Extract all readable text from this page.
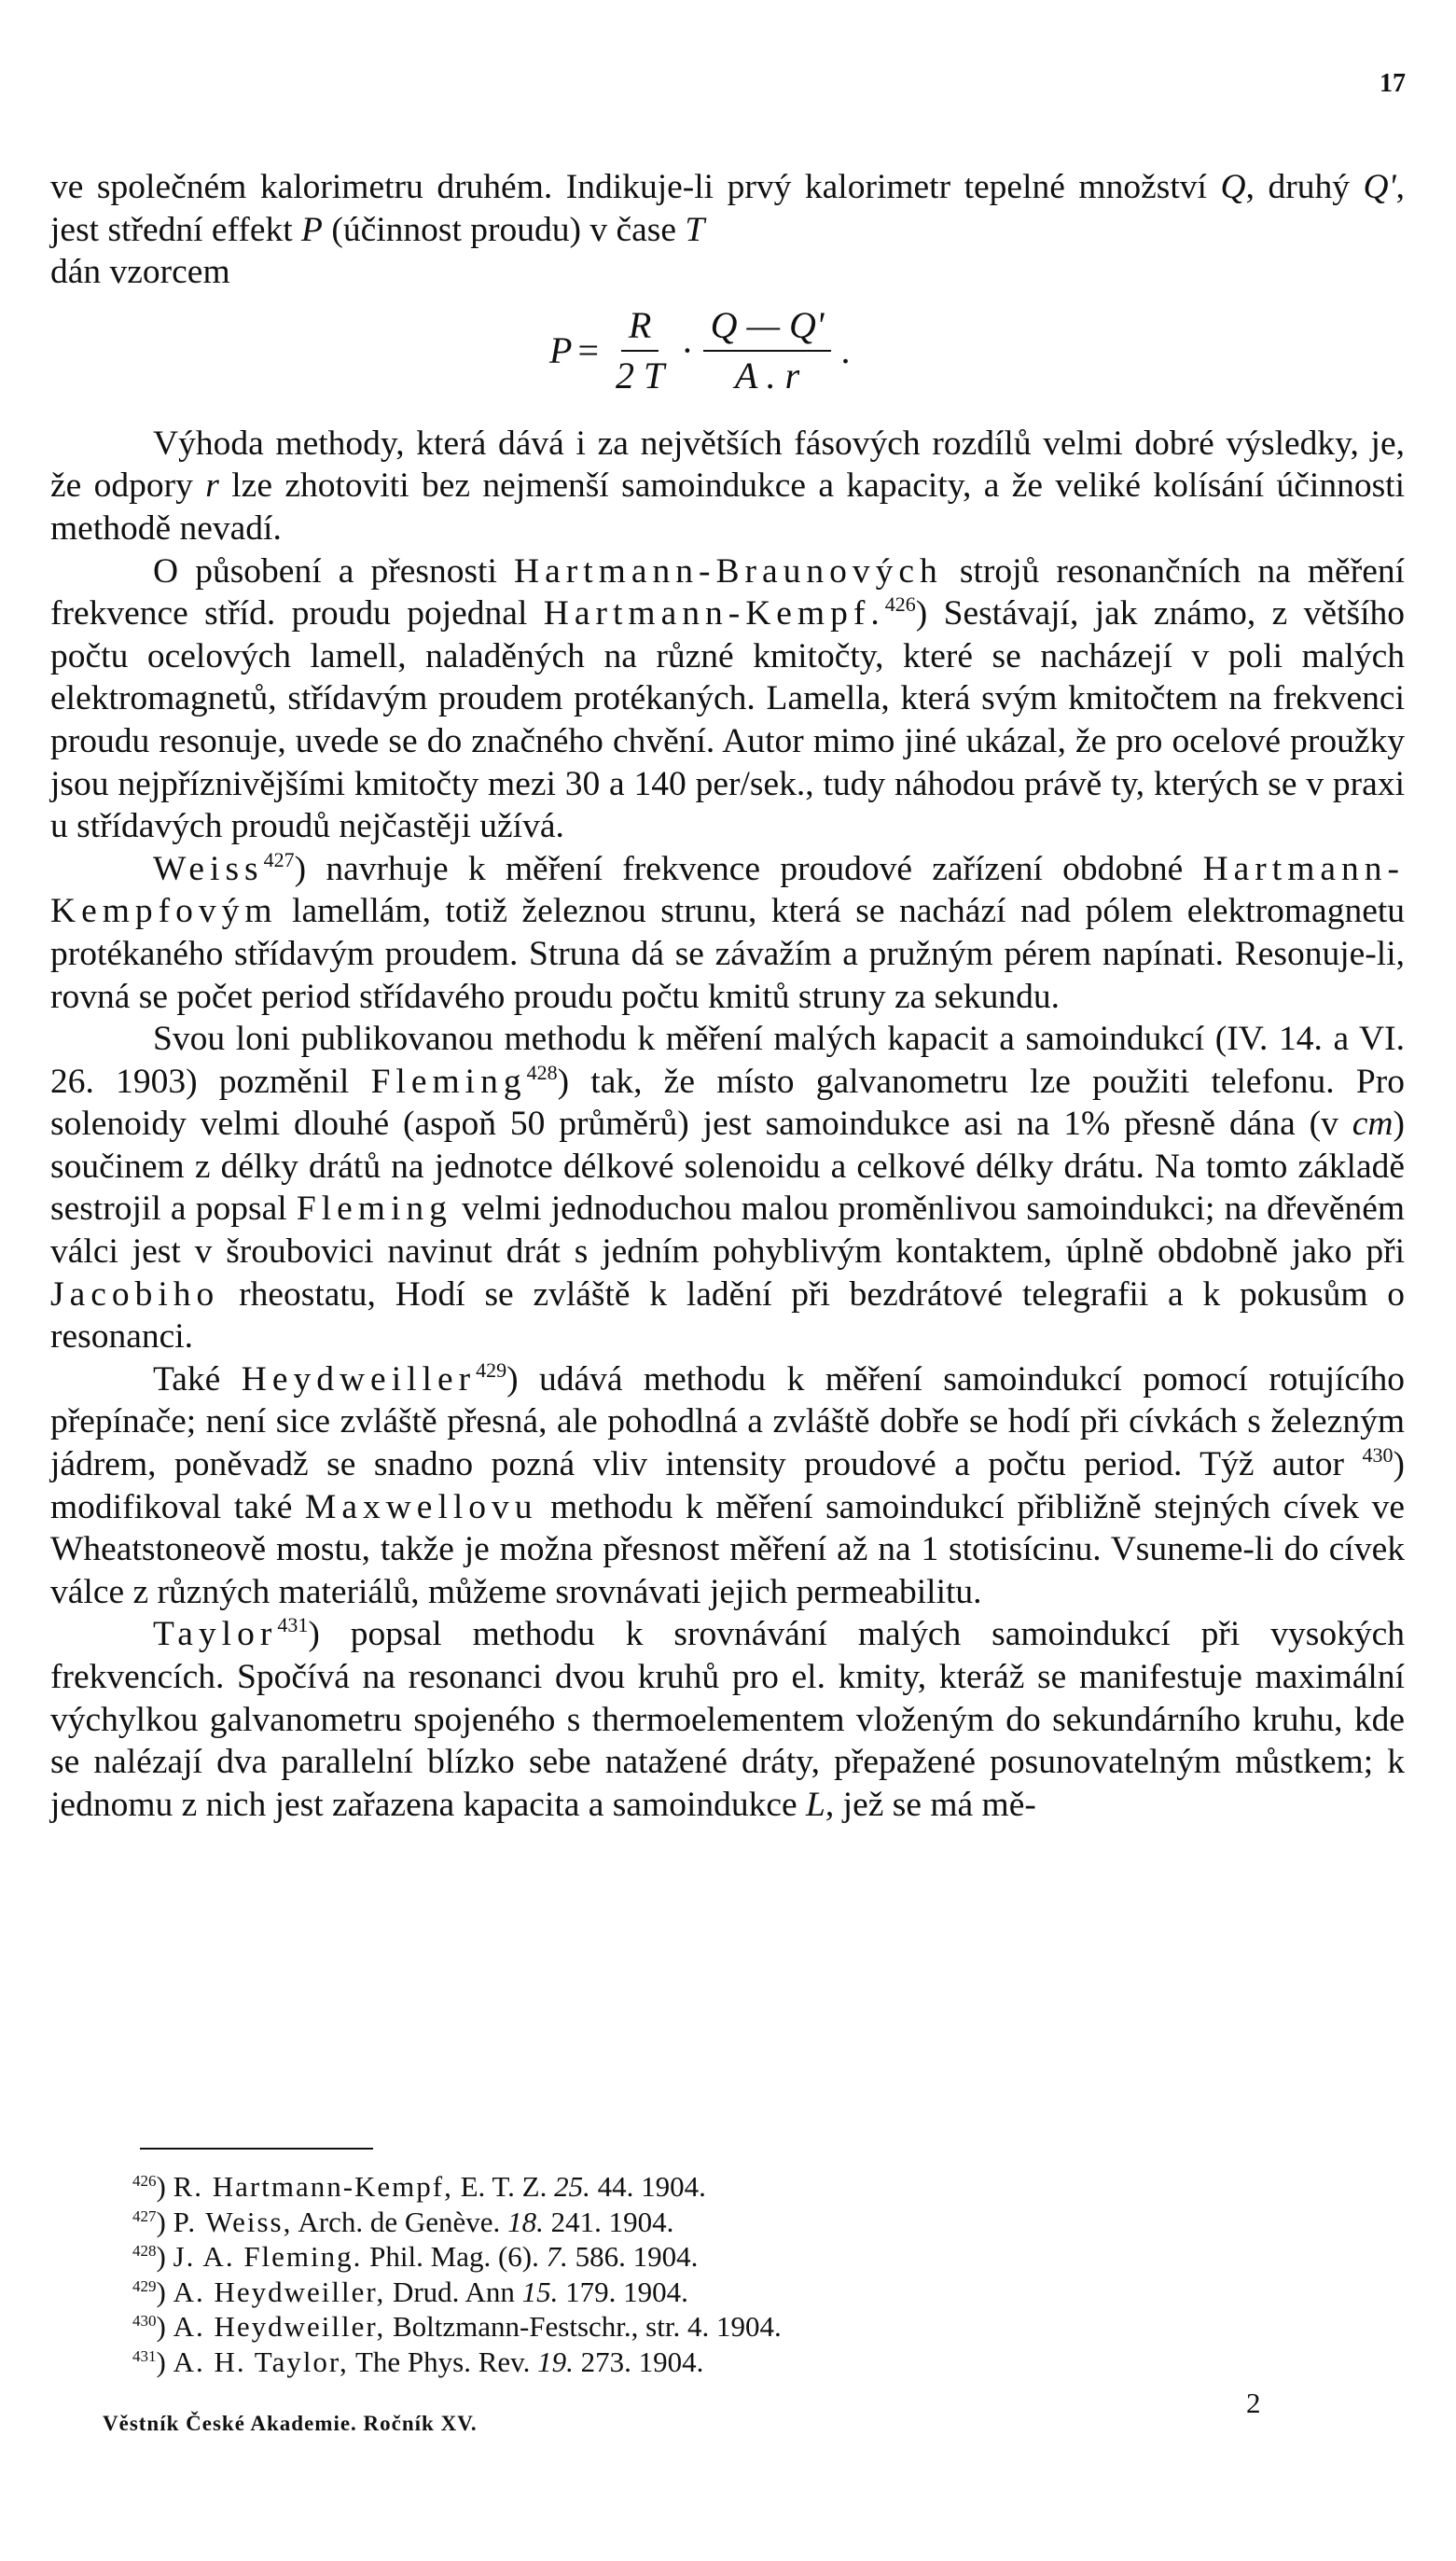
17

ve společném kalorimetru druhém. Indikuje-li prvý kalorimetr tepelné množství Q, druhý Q', jest střední effekt P (účinnost proudu) v čase T
dán vzorcem

$P = \frac{R}{2 T} \cdot \frac{Q — Q'}{A . r}$ .

Výhoda methody, která dává i za největších fásových rozdílů velmi dobré výsledky, je, že odpory r lze zhotoviti bez nejmenší samoindukce a kapacity, a že veliké kolísání účinnosti methodě nevadí.

O působení a přesnosti Hartmann-Braunových strojů resonančních na měření frekvence stříd. proudu pojednal Hartmann-Kempf.$^{426}$) Sestávají, jak známo, z většího počtu ocelových lamell, naladěných na různé kmitočty, které se nacházejí v poli malých elektromagnetů, střídavým proudem protékaných. Lamella, která svým kmitočtem na frekvenci proudu resonuje, uvede se do značného chvění. Autor mimo jiné ukázal, že pro ocelové proužky jsou nejpříznivějšími kmitočty mezi 30 a 140 per/sek., tudy náhodou právě ty, kterých se v praxi u střídavých proudů nejčastěji užívá.

Weiss$^{427}$) navrhuje k měření frekvence proudové zařízení obdobné Hartmann-Kempfovým lamellám, totiž železnou strunu, která se nachází nad pólem elektromagnetu protékaného střídavým proudem. Struna dá se závažím a pružným pérem napínati. Resonuje-li, rovná se počet period střídavého proudu počtu kmitů struny za sekundu.

Svou loni publikovanou methodu k měření malých kapacit a samoindukcí (IV. 14. a VI. 26. 1903) pozměnil Fleming$^{428}$) tak, že místo galvanometru lze použiti telefonu. Pro solenoidy velmi dlouhé (aspoň 50 průměrů) jest samoindukce asi na 1% přesně dána (v cm) součinem z délky drátů na jednotce délkové solenoidu a celkové délky drátu. Na tomto základě sestrojil a popsal Fleming velmi jednoduchou malou proměnlivou samoindukci; na dřevěném válci jest v šroubovici navinut drát s jedním pohyblivým kontaktem, úplně obdobně jako při Jacobiho rheostatu, Hodí se zvláště k ladění při bezdrátové telegrafii a k pokusům o resonanci.

Také Heydweiller$^{429}$) udává methodu k měření samoindukcí pomocí rotujícího přepínače; není sice zvláště přesná, ale pohodlná a zvláště dobře se hodí při cívkách s železným jádrem, poněvadž se snadno pozná vliv intensity proudové a počtu period. Týž autor $^{430}$) modifikoval také Maxwellovu methodu k měření samoindukcí přibližně stejných cívek ve Wheatstoneově mostu, takže je možna přesnost měření až na 1 stotisícinu. Vsuneme-li do cívek válce z různých materiálů, můžeme srovnávati jejich permeabilitu.

Taylor$^{431}$) popsal methodu k srovnávání malých samoindukcí při vysokých frekvencích. Spočívá na resonanci dvou kruhů pro el. kmity, kteráž se manifestuje maximální výchylkou galvanometru spojeného s thermoelementem vloženým do sekundárního kruhu, kde se nalézají dva parallelní blízko sebe natažené dráty, přepažené posunovatelným můstkem; k jednomu z nich jest zařazena kapacita a samoindukce L, jež se má mě-

$^{426}$) R. Hartmann-Kempf, E. T. Z. 25. 44. 1904.
$^{427}$) P. Weiss, Arch. de Genève. 18. 241. 1904.
$^{428}$) J. A. Fleming. Phil. Mag. (6). 7. 586. 1904.
$^{429}$) A. Heydweiller, Drud. Ann 15. 179. 1904.
$^{430}$) A. Heydweiller, Boltzmann-Festschr., str. 4. 1904.
$^{431}$) A. H. Taylor, The Phys. Rev. 19. 273. 1904.
Věstník České Akademie. Ročník XV.
2
